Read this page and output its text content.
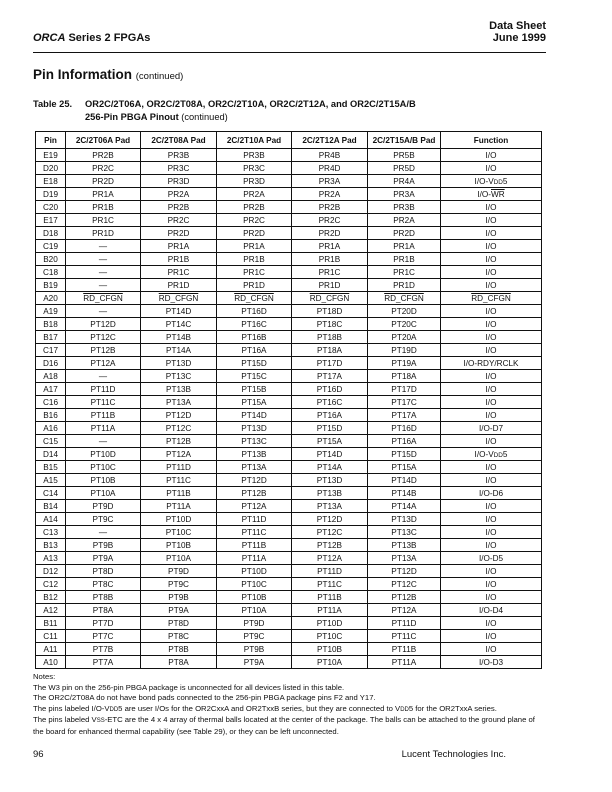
ORCA Series 2 FPGAs
Data Sheet
June 1999
Pin Information (continued)
Table 25.	OR2C/2T06A, OR2C/2T08A, OR2C/2T10A, OR2C/2T12A, and OR2C/2T15A/B
256-Pin PBGA Pinout (continued)
Pin	2C/2T06A Pad	2C/2T08A Pad	2C/2T10A Pad	2C/2T12A Pad	2C/2T15A/B Pad	Function
E19	PR2B	PR3B	PR3B	PR4B	PR5B	I/O
D20	PR2C	PR3C	PR3C	PR4D	PR5D	I/O
E18	PR2D	PR3D	PR3D	PR3A	PR4A	I/O-VDD5
D19	PR1A	PR2A	PR2A	PR2A	PR3A	$I/O-\overline{WR}$
C20	PR1B	PR2B	PR2B	PR2B	PR3B	I/O
E17	PR1C	PR2C	PR2C	PR2C	PR2A	I/O
D18	PR1D	PR2D	PR2D	PR2D	PR2D	I/O
C19	—	PR1A	PR1A	PR1A	PR1A	I/O
B20	—	PR1B	PR1B	PR1B	PR1B	I/O
C18	—	PR1C	PR1C	PR1C	PR1C	I/O
B19	—	PR1D	PR1D	PR1D	PR1D	I/O
A20	RD_CFGN	RD_CFGN	RD_CFGN	RD_CFGN	RD_CFGN	RD_CFGN
A19	—	PT14D	PT16D	PT18D	PT20D	I/O
B18	PT12D	PT14C	PT16C	PT18C	PT20C	I/O
B17	PT12C	PT14B	PT16B	PT18B	PT20A	I/O
C17	PT12B	PT14A	PT16A	PT18A	PT19D	I/O
D16	PT12A	PT13D	PT15D	PT17D	PT19A	I/O-RDY/RCLK
A18	—	PT13C	PT15C	PT17A	PT18A	I/O
A17	PT11D	PT13B	PT15B	PT16D	PT17D	I/O
C16	PT11C	PT13A	PT15A	PT16C	PT17C	I/O
B16	PT11B	PT12D	PT14D	PT16A	PT17A	I/O
A16	PT11A	PT12C	PT13D	PT15D	PT16D	I/O-D7
C15	—	PT12B	PT13C	PT15A	PT16A	I/O
D14	PT10D	PT12A	PT13B	PT14D	PT15D	I/O-VDD5
B15	PT10C	PT11D	PT13A	PT14A	PT15A	I/O
A15	PT10B	PT11C	PT12D	PT13D	PT14D	I/O
C14	PT10A	PT11B	PT12B	PT13B	PT14B	I/O-D6
B14	PT9D	PT11A	PT12A	PT13A	PT14A	I/O
A14	PT9C	PT10D	PT11D	PT12D	PT13D	I/O
C13	—	PT10C	PT11C	PT12C	PT13C	I/O
B13	PT9B	PT10B	PT11B	PT12B	PT13B	I/O
A13	PT9A	PT10A	PT11A	PT12A	PT13A	I/O-D5
D12	PT8D	PT9D	PT10D	PT11D	PT12D	I/O
C12	PT8C	PT9C	PT10C	PT11C	PT12C	I/O
B12	PT8B	PT9B	PT10B	PT11B	PT12B	I/O
A12	PT8A	PT9A	PT10A	PT11A	PT12A	I/O-D4
B11	PT7D	PT8D	PT9D	PT10D	PT11D	I/O
C11	PT7C	PT8C	PT9C	PT10C	PT11C	I/O
A11	PT7B	PT8B	PT9B	PT10B	PT11B	I/O
A10	PT7A	PT8A	PT9A	PT10A	PT11A	I/O-D3
Notes:
The W3 pin on the 256-pin PBGA package is unconnected for all devices listed in this table.
The OR2C/2T08A do not have bond pads connected to the 256-pin PBGA package pins F2 and Y17.
The pins labeled I/O-VDD5 are user I/Os for the OR2CxxA and OR2TxxB series, but they are connected to VDD5 for the OR2TxxA series.
The pins labeled VSS-ETC are the 4 x 4 array of thermal balls located at the center of the package. The balls can be attached to the ground plane of the board for enhanced thermal capability (see Table 29), or they can be left unconnected.
96	Lucent Technologies Inc.
